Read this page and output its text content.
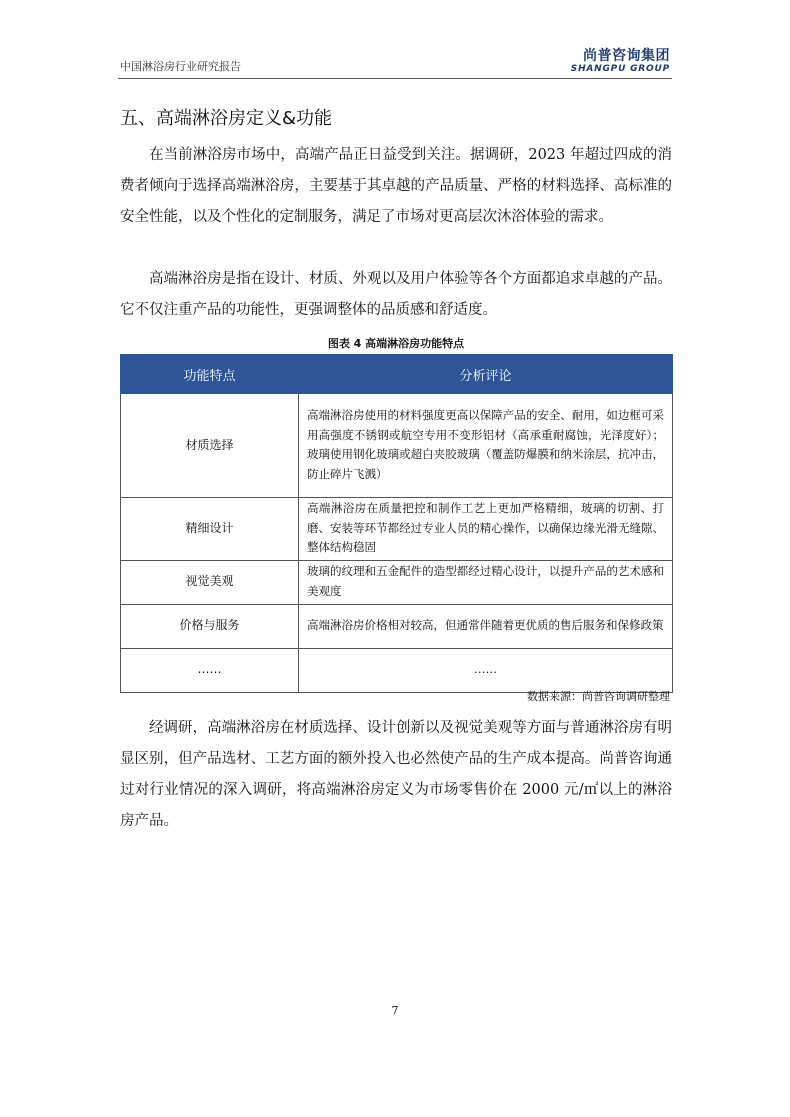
中国淋浴房行业研究报告
尚普咨询集团
SHANGPU GROUP
五、高端淋浴房定义&功能

在当前淋浴房市场中，高端产品正日益受到关注。据调研，2023 年超过四成的消费者倾向于选择高端淋浴房，主要基于其卓越的产品质量、严格的材料选择、高标准的安全性能，以及个性化的定制服务，满足了市场对更高层次沐浴体验的需求。

高端淋浴房是指在设计、材质、外观以及用户体验等各个方面都追求卓越的产品。它不仅注重产品的功能性，更强调整体的品质感和舒适度。

图表 4 高端淋浴房功能特点
功能特点	分析评论
材质选择	高端淋浴房使用的材料强度更高以保障产品的安全、耐用，如边框可采用高强度不锈钢或航空专用不变形铝材（高承重耐腐蚀，光泽度好）；玻璃使用钢化玻璃或超白夹胶玻璃（覆盖防爆膜和纳米涂层，抗冲击，防止碎片飞溅）
精细设计	高端淋浴房在质量把控和制作工艺上更加严格精细，玻璃的切割、打磨、安装等环节都经过专业人员的精心操作，以确保边缘光滑无缝隙、整体结构稳固
视觉美观	玻璃的纹理和五金配件的造型都经过精心设计，以提升产品的艺术感和美观度
价格与服务	高端淋浴房价格相对较高，但通常伴随着更优质的售后服务和保修政策
……	……
数据来源：尚普咨询调研整理

经调研，高端淋浴房在材质选择、设计创新以及视觉美观等方面与普通淋浴房有明显区别，但产品选材、工艺方面的额外投入也必然使产品的生产成本提高。尚普咨询通过对行业情况的深入调研，将高端淋浴房定义为市场零售价在 2000 元/㎡以上的淋浴房产品。

7
